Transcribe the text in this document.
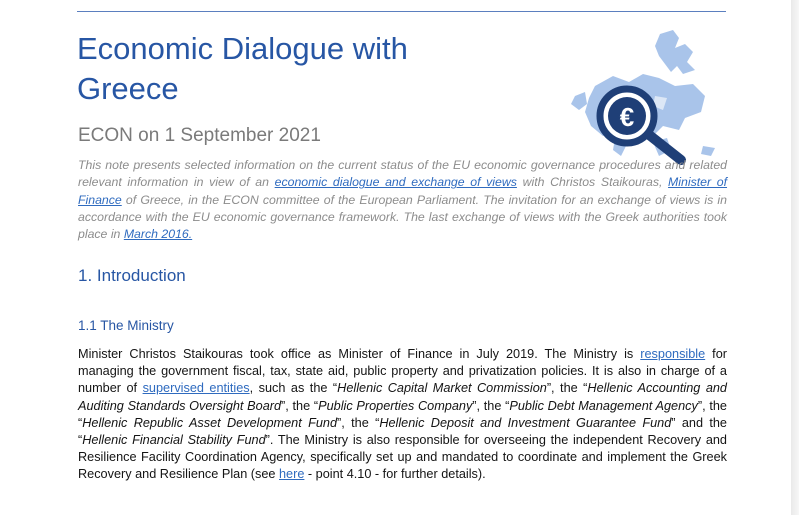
Economic Dialogue with
Greece

ECON on 1 September 2021

€

This note presents selected information on the current status of the EU economic governance procedures and related relevant information in view of an economic dialogue and exchange of views with Christos Staikouras, Minister of Finance of Greece, in the ECON committee of the European Parliament. The invitation for an exchange of views is in accordance with the EU economic governance framework. The last exchange of views with the Greek authorities took place in March 2016.

1. Introduction
1.1 The Ministry

Minister Christos Staikouras took office as Minister of Finance in July 2019. The Ministry is responsible for managing the government fiscal, tax, state aid, public property and privatization policies. It is also in charge of a number of supervised entities, such as the “Hellenic Capital Market Commission”, the “Hellenic Accounting and Auditing Standards Oversight Board”, the “Public Properties Company”, the “Public Debt Management Agency”, the “Hellenic Republic Asset Development Fund”, the “Hellenic Deposit and Investment Guarantee Fund” and the “Hellenic Financial Stability Fund”. The Ministry is also responsible for overseeing the independent Recovery and Resilience Facility Coordination Agency, specifically set up and mandated to coordinate and implement the Greek Recovery and Resilience Plan (see here - point 4.10 - for further details).
